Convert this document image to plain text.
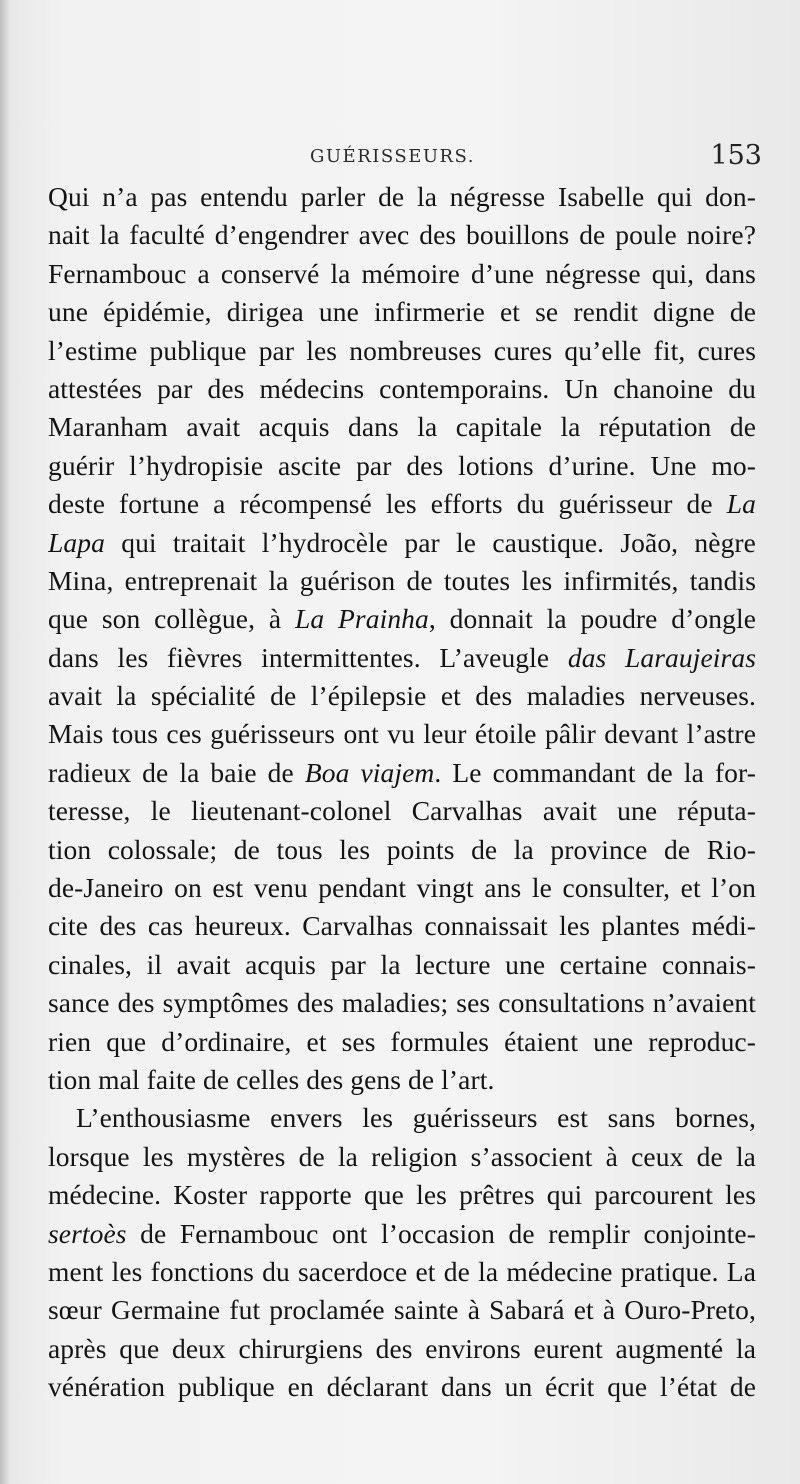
GUÉRISSEURS.	153
Qui n’a pas entendu parler de la négresse Isabelle qui don-
nait la faculté d’engendrer avec des bouillons de poule noire?
Fernambouc a conservé la mémoire d’une négresse qui, dans
une épidémie, dirigea une infirmerie et se rendit digne de
l’estime publique par les nombreuses cures qu’elle fit, cures
attestées par des médecins contemporains. Un chanoine du
Maranham avait acquis dans la capitale la réputation de
guérir l’hydropisie ascite par des lotions d’urine. Une mo-
deste fortune a récompensé les efforts du guérisseur de La
Lapa qui traitait l’hydrocèle par le caustique. João, nègre
Mina, entreprenait la guérison de toutes les infirmités, tandis
que son collègue, à La Prainha, donnait la poudre d’ongle
dans les fièvres intermittentes. L’aveugle das Laraujeiras
avait la spécialité de l’épilepsie et des maladies nerveuses.
Mais tous ces guérisseurs ont vu leur étoile pâlir devant l’astre
radieux de la baie de Boa viajem. Le commandant de la for-
teresse, le lieutenant-colonel Carvalhas avait une réputa-
tion colossale; de tous les points de la province de Rio-
de-Janeiro on est venu pendant vingt ans le consulter, et l’on
cite des cas heureux. Carvalhas connaissait les plantes médi-
cinales, il avait acquis par la lecture une certaine connais-
sance des symptômes des maladies; ses consultations n’avaient
rien que d’ordinaire, et ses formules étaient une reproduc-
tion mal faite de celles des gens de l’art.
L’enthousiasme envers les guérisseurs est sans bornes,
lorsque les mystères de la religion s’associent à ceux de la
médecine. Koster rapporte que les prêtres qui parcourent les
sertoès de Fernambouc ont l’occasion de remplir conjointe-
ment les fonctions du sacerdoce et de la médecine pratique. La
sœur Germaine fut proclamée sainte à Sabará et à Ouro-Preto,
après que deux chirurgiens des environs eurent augmenté la
vénération publique en déclarant dans un écrit que l’état de
